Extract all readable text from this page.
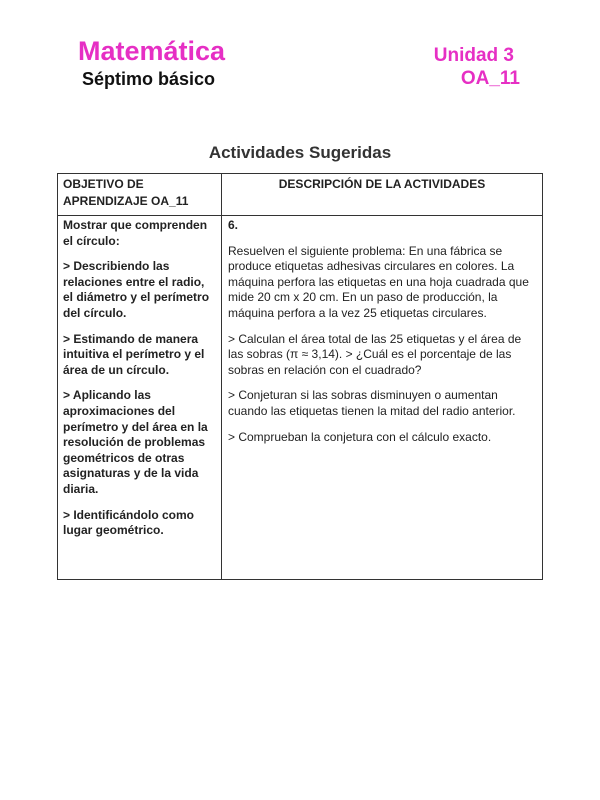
Matemática
Séptimo básico
Unidad 3
OA_11
Actividades Sugeridas
OBJETIVO DE APRENDIZAJE OA_11
DESCRIPCIÓN DE LA ACTIVIDADES

Mostrar que comprenden el círculo:

> Describiendo las relaciones entre el radio, el diámetro y el perímetro del círculo.

> Estimando de manera intuitiva el perímetro y el área de un círculo.

> Aplicando las aproximaciones del perímetro y del área en la resolución de problemas geométricos de otras asignaturas y de la vida diaria.

> Identificándolo como lugar geométrico.

6.

Resuelven el siguiente problema: En una fábrica se produce etiquetas adhesivas circulares en colores. La máquina perfora las etiquetas en una hoja cuadrada que mide 20 cm x 20 cm. En un paso de producción, la máquina perfora a la vez 25 etiquetas circulares.

> Calculan el área total de las 25 etiquetas y el área de las sobras (π ≈ 3,14). > ¿Cuál es el porcentaje de las sobras en relación con el cuadrado?

> Conjeturan si las sobras disminuyen o aumentan cuando las etiquetas tienen la mitad del radio anterior.

> Comprueban la conjetura con el cálculo exacto.
